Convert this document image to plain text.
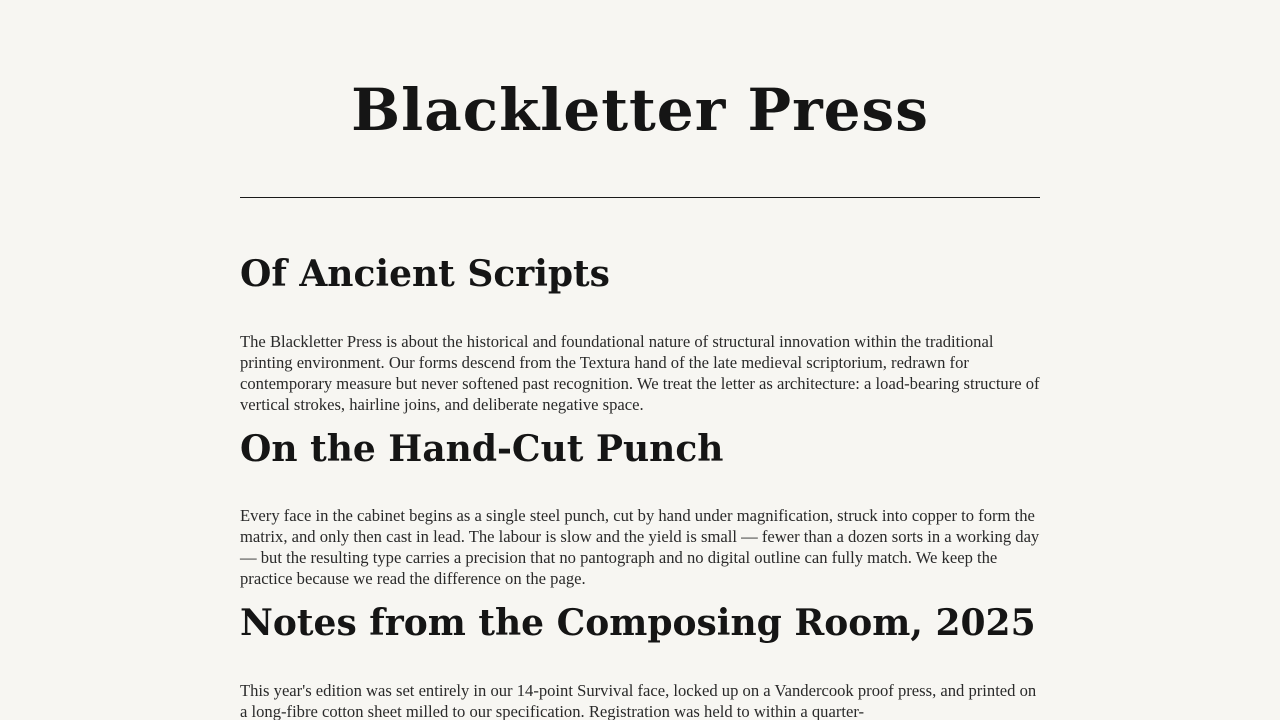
Blackletter Press
Of Ancient Scripts

The Blackletter Press is about the historical and foundational nature of structural innovation within the traditional printing environment. Our forms descend from the Textura hand of the late medieval scriptorium, redrawn for contemporary measure but never softened past recognition. We treat the letter as architecture: a load-bearing structure of vertical strokes, hairline joins, and deliberate negative space.

On the Hand-Cut Punch

Every face in the cabinet begins as a single steel punch, cut by hand under magnification, struck into copper to form the matrix, and only then cast in lead. The labour is slow and the yield is small — fewer than a dozen sorts in a working day — but the resulting type carries a precision that no pantograph and no digital outline can fully match. We keep the practice because we read the difference on the page.

Notes from the Composing Room, 2025

This year's edition was set entirely in our 14-point Survival face, locked up on a Vandercook proof press, and printed on a long-fibre cotton sheet milled to our specification. Registration was held to within a quarter-
